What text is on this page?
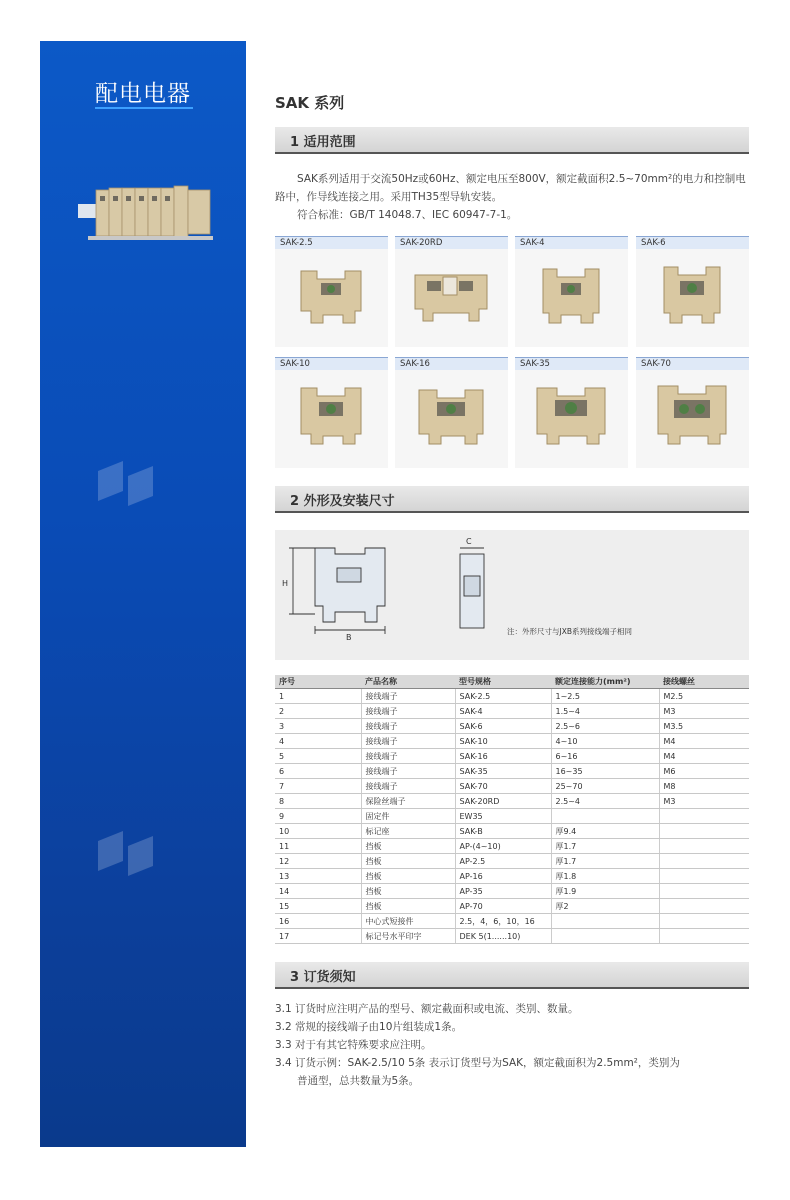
配电电器	SAK 系列
1 适用范围
SAK系列适用于交流50Hz或60Hz、额定电压至800V，额定截面积2.5~70mm²的电力和控制电
路中，作导线连接之用。采用TH35型导轨安装。
符合标准：GB/T 14048.7、IEC 60947-7-1。
SAK-2.5	SAK-20RD	SAK-4	SAK-6
SAK-10	SAK-16	SAK-35	SAK-70
2 外形及安装尺寸
H
B
C
注：外形尺寸与JXB系列接线端子相同
序号	产品名称	型号规格	额定连接能力(mm²)	接线螺丝
1	接线端子	SAK-2.5	1~2.5	M2.5
2	接线端子	SAK-4	1.5~4	M3
3	接线端子	SAK-6	2.5~6	M3.5
4	接线端子	SAK-10	4~10	M4
5	接线端子	SAK-16	6~16	M4
6	接线端子	SAK-35	16~35	M6
7	接线端子	SAK-70	25~70	M8
8	保险丝端子	SAK-20RD	2.5~4	M3
9	固定件	EW35		
10	标记座	SAK-B	厚9.4	
11	挡板	AP-(4~10)	厚1.7	
12	挡板	AP-2.5	厚1.7	
13	挡板	AP-16	厚1.8	
14	挡板	AP-35	厚1.9	
15	挡板	AP-70	厚2	
16	中心式短接件	2.5，4，6，10，16		
17	标记号水平印字	DEK 5(1......10)		
3 订货须知
3.1 订货时应注明产品的型号、额定截面积或电流、类别、数量。
3.2 常规的接线端子由10片组装成1条。
3.3 对于有其它特殊要求应注明。
3.4 订货示例：SAK-2.5/10 5条 表示订货型号为SAK，额定截面积为2.5mm²，类别为
普通型，总共数量为5条。
